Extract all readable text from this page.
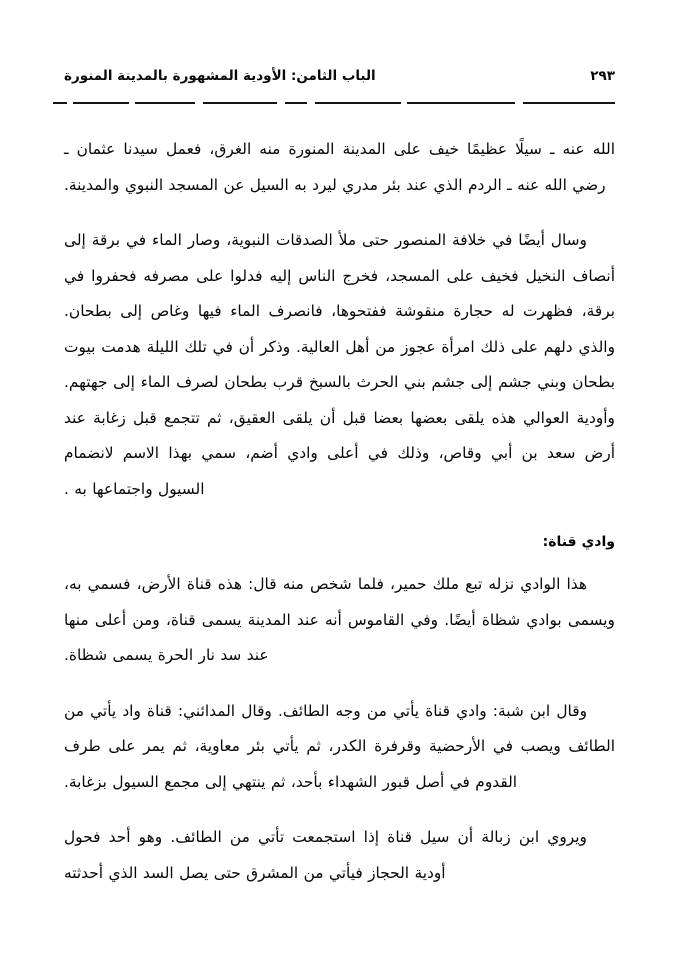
الباب الثامن: الأودية المشهورة بالمدينة المنورة	٢٩٣

الله عنه ـ سيلًا عظيمًا خيف على المدينة المنورة منه الغرق، فعمل سيدنا عثمان ـ رضي الله عنه ـ الردم الذي عند بئر مدري ليرد به السيل عن المسجد النبوي والمدينة.

وسال أيضًا في خلافة المنصور حتى ملأ الصدقات النبوية، وصار الماء في برقة إلى أنصاف النخيل فخيف على المسجد، فخرج الناس إليه فدلوا على مصرفه فحفروا في برقة، فظهرت له حجارة منقوشة ففتحوها، فانصرف الماء فيها وغاص إلى بطحان. والذي دلهم على ذلك امرأة عجوز من أهل العالية. وذكر أن في تلك الليلة هدمت بيوت بطحان وبني جشم إلى جشم بني الحرث بالسبخ قرب بطحان لصرف الماء إلى جهتهم. وأودية العوالي هذه يلقى بعضها بعضا قبل أن يلقى العقيق، ثم تتجمع قبل زغابة عند أرض سعد بن أبي وقاص، وذلك في أعلى وادي أضم، سمي بهذا الاسم لانضمام السيول واجتماعها به .

وادي قناة:

هذا الوادي نزله تبع ملك حمير، فلما شخص منه قال: هذه قناة الأرض، فسمي به، ويسمى بوادي شظاة أيضًا. وفي القاموس أنه عند المدينة يسمى قناة، ومن أعلى منها عند سد نار الحرة يسمى شظاة.

وقال ابن شبة: وادي قناة يأتي من وجه الطائف. وقال المدائني: قناة واد يأتي من الطائف ويصب في الأرحضية وقرفرة الكدر، ثم يأتي بئر معاوية، ثم يمر على طرف القدوم في أصل قبور الشهداء بأحد، ثم ينتهي إلى مجمع السيول بزغابة.

ويروي ابن زبالة أن سيل قناة إذا استجمعت تأتي من الطائف. وهو أحد فحول أودية الحجاز فيأتي من المشرق حتى يصل السد الذي أحدثته
